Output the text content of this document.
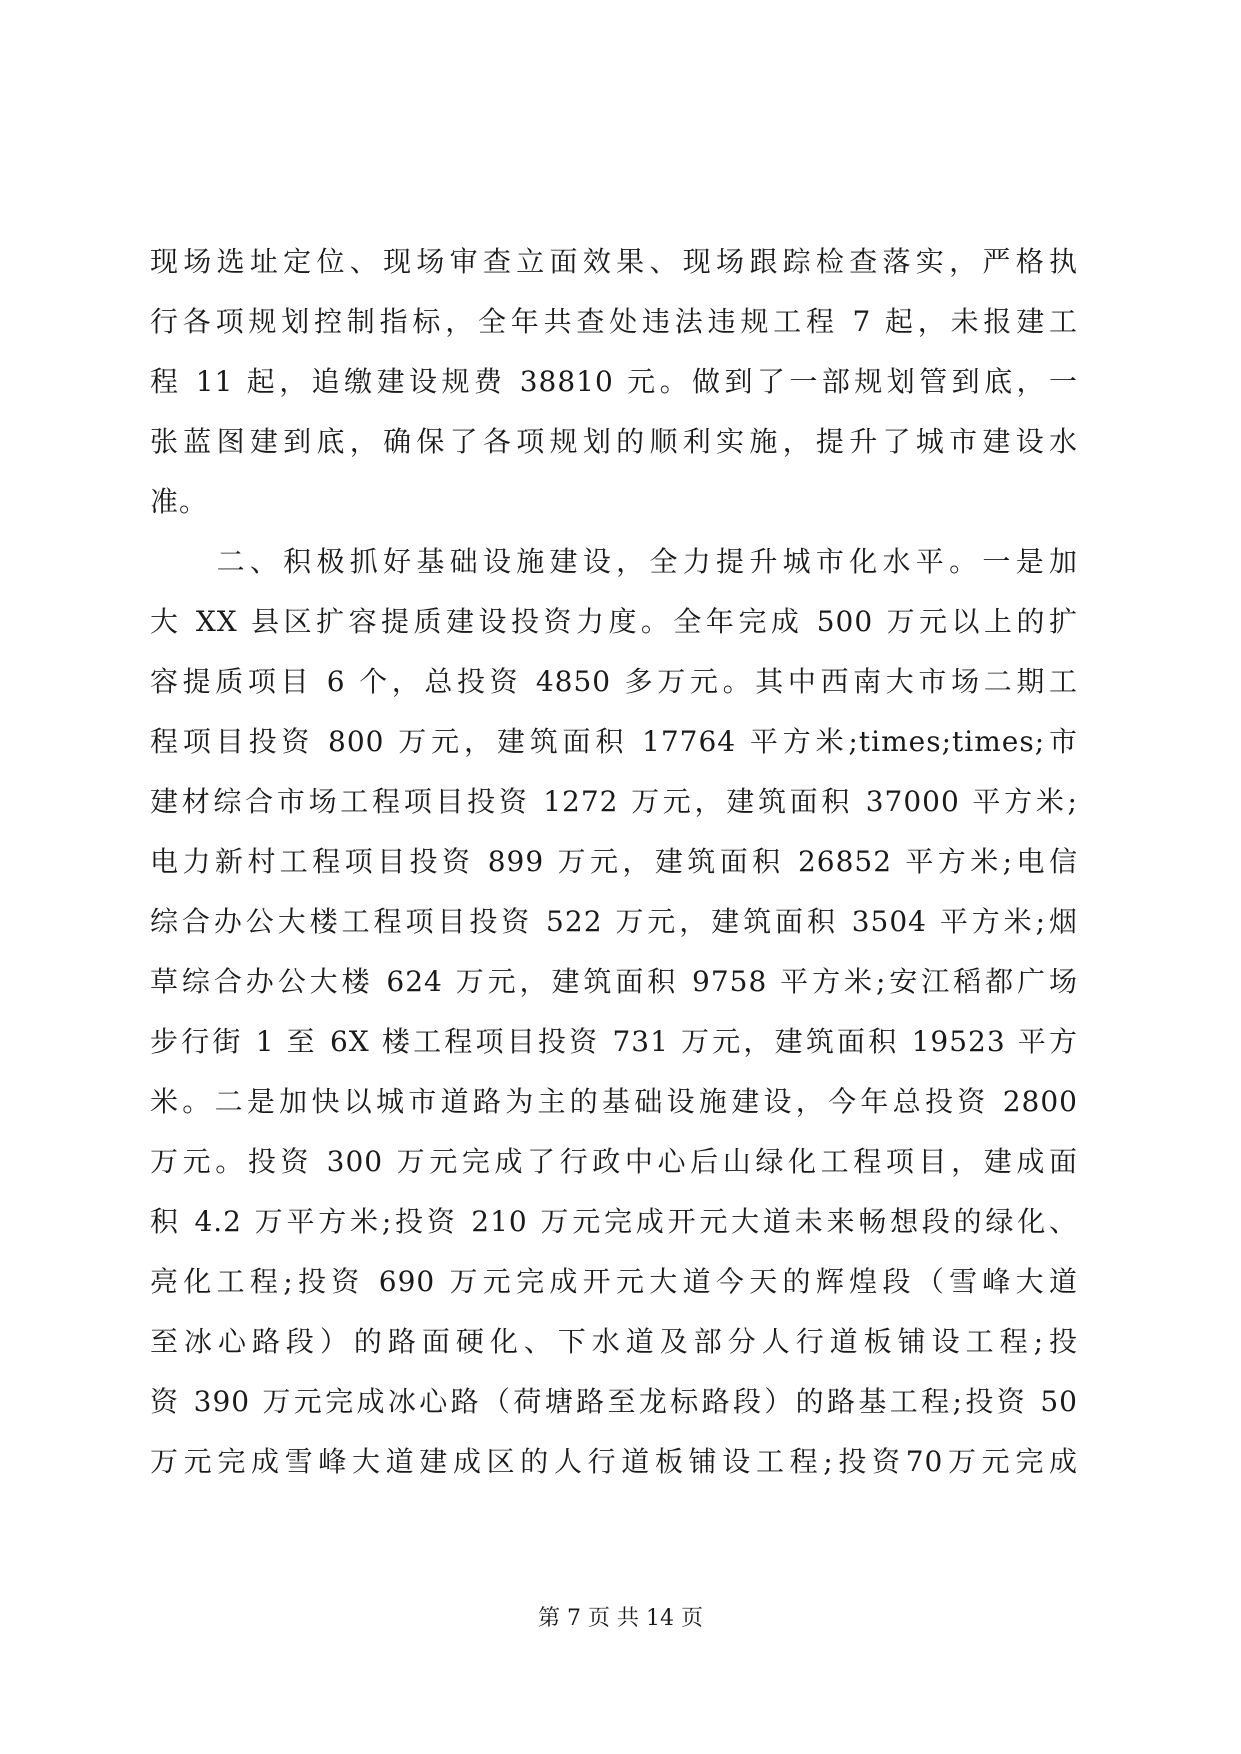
现场选址定位、现场审查立面效果、现场跟踪检查落实，严格执
行各项规划控制指标，全年共查处违法违规工程 7 起，未报建工
程 11 起，追缴建设规费 38810 元。做到了一部规划管到底，一
张蓝图建到底，确保了各项规划的顺利实施，提升了城市建设水
准。
　　二、积极抓好基础设施建设，全力提升城市化水平。一是加
大 XX 县区扩容提质建设投资力度。全年完成 500 万元以上的扩
容提质项目 6 个，总投资 4850 多万元。其中西南大市场二期工
程项目投资 800 万元，建筑面积 17764 平方米;times;times;市
建材综合市场工程项目投资 1272 万元，建筑面积 37000 平方米;
电力新村工程项目投资 899 万元，建筑面积 26852 平方米;电信
综合办公大楼工程项目投资 522 万元，建筑面积 3504 平方米;烟
草综合办公大楼 624 万元，建筑面积 9758 平方米;安江稻都广场
步行街 1 至 6X 楼工程项目投资 731 万元，建筑面积 19523 平方
米。二是加快以城市道路为主的基础设施建设，今年总投资 2800
万元。投资 300 万元完成了行政中心后山绿化工程项目，建成面
积 4.2 万平方米;投资 210 万元完成开元大道未来畅想段的绿化、
亮化工程;投资 690 万元完成开元大道今天的辉煌段（雪峰大道
至冰心路段）的路面硬化、下水道及部分人行道板铺设工程;投
资 390 万元完成冰心路（荷塘路至龙标路段）的路基工程;投资 50
万元完成雪峰大道建成区的人行道板铺设工程;投资70万元完成
第 7 页 共 14 页
